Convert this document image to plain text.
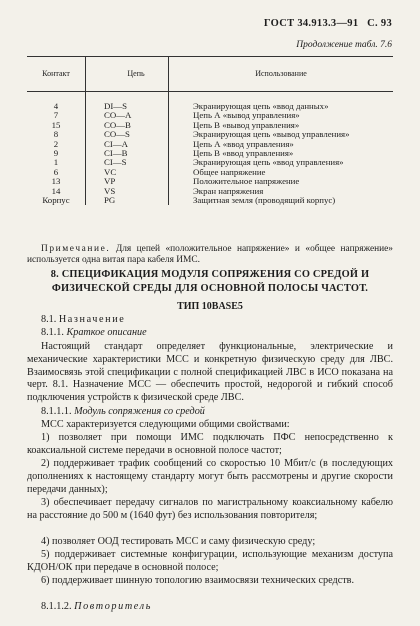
ГОСТ 34.913.3—91 С. 93
Продолжение табл. 7.6
Контакт	Цепь	Использование
4	DI—S	Экранирующая цепь «ввод данных»
7	CO—A	Цепь А «вывод управления»
15	CO—B	Цепь В «вывод управления»
8	CO—S	Экранирующая цепь «вывод управления»
2	CI—A	Цепь А «ввод управления»
9	CI—B	Цепь В «ввод управления»
1	CI—S	Экранирующая цепь «ввод управления»
6	VC	Общее напряжение
13	VP	Положительное напряжение
14	VS	Экран напряжения
Корпус	PG	Защитная земля (проводящий корпус)
Примечание. Для цепей «положительное напряжение» и «общее напряжение» используется одна витая пара кабеля ИМС.
8. СПЕЦИФИКАЦИЯ МОДУЛЯ СОПРЯЖЕНИЯ СО СРЕДОЙ И ФИЗИЧЕСКОЙ СРЕДЫ ДЛЯ ОСНОВНОЙ ПОЛОСЫ ЧАСТОТ.
ТИП 10BASE5
8.1. Назначение
8.1.1. Краткое описание
Настоящий стандарт определяет функциональные, электрические и механические характеристики МСС и конкретную физическую среду для ЛВС. Взаимосвязь этой спецификации с полной спецификацией ЛВС в ИСО показана на черт. 8.1. Назначение МСС — обеспечить простой, недорогой и гибкий способ подключения устройств к физической среде ЛВС.
8.1.1.1. Модуль сопряжения со средой
МСС характеризуется следующими общими свойствами:
1) позволяет при помощи ИМС подключать ПФС непосредственно к коаксиальной системе передачи в основной полосе частот;
2) поддерживает трафик сообщений со скоростью 10 Мбит/с (в последующих дополнениях к настоящему стандарту могут быть рассмотрены и другие скорости передачи данных);
3) обеспечивает передачу сигналов по магистральному коаксиальному кабелю на расстояние до 500 м (1640 фут) без использования повторителя;
4) позволяет ООД тестировать МСС и саму физическую среду;
5) поддерживает системные конфигурации, использующие механизм доступа КДОН/ОК при передаче в основной полосе;
6) поддерживает шинную топологию взаимосвязи технических средств.
8.1.1.2. Повторитель
